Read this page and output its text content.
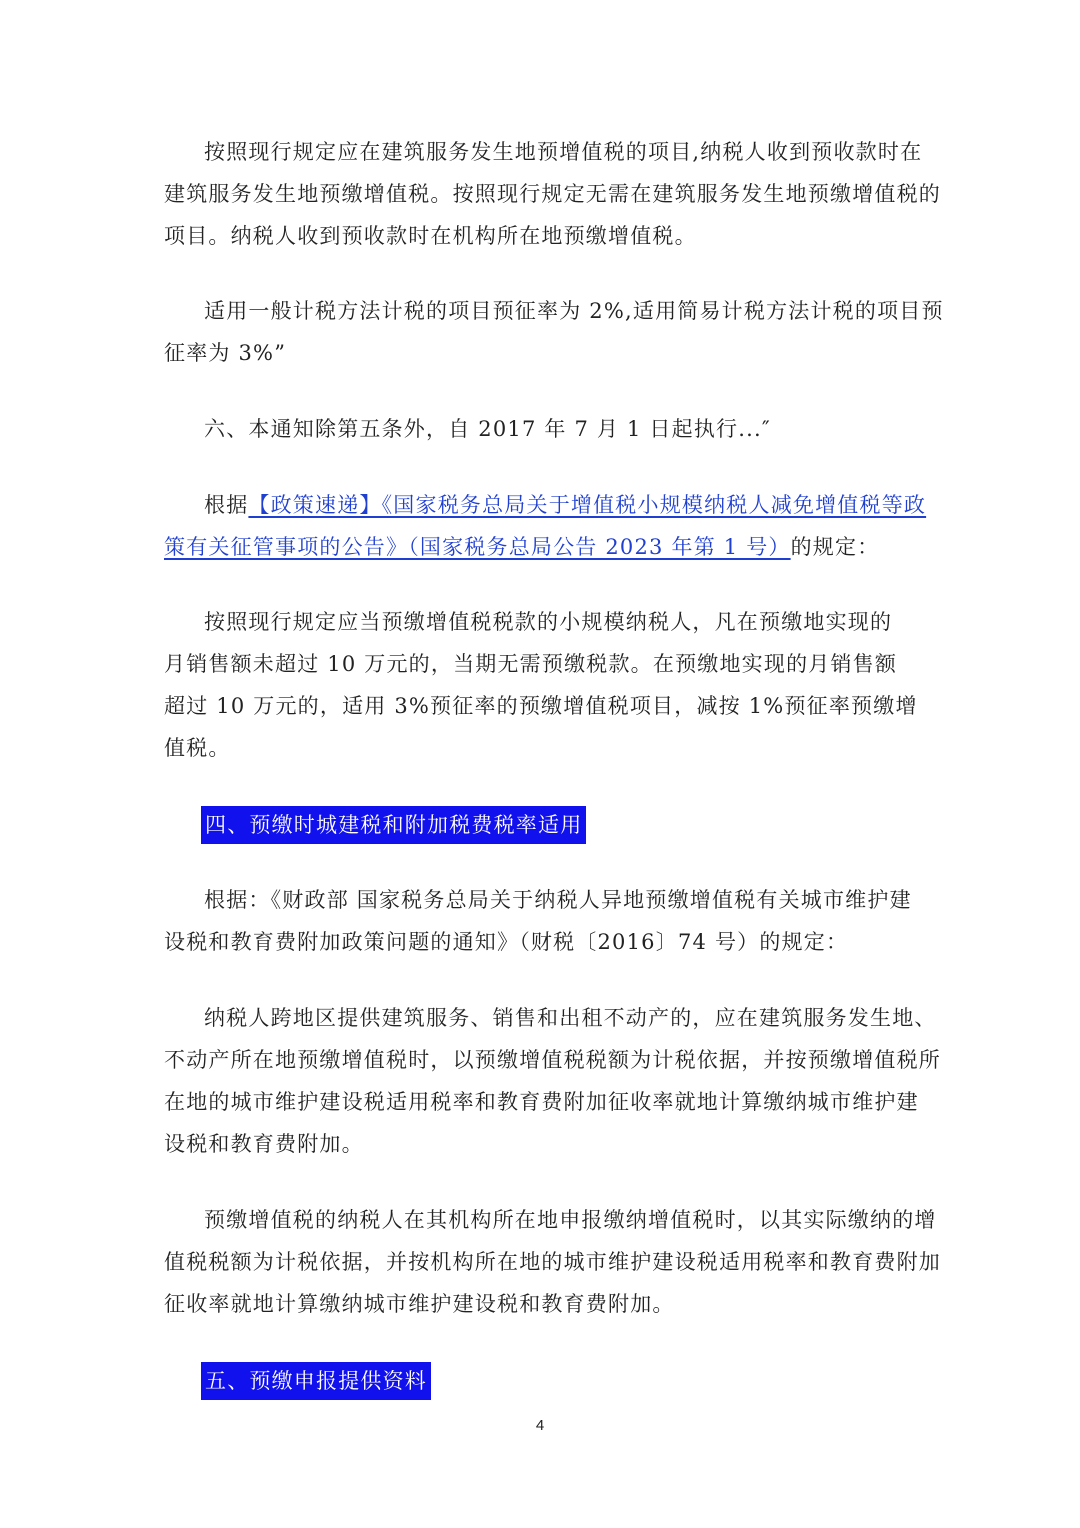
按照现行规定应在建筑服务发生地预增值税的项目,纳税人收到预收款时在
建筑服务发生地预缴增值税。按照现行规定无需在建筑服务发生地预缴增值税的
项目。纳税人收到预收款时在机构所在地预缴增值税。

适用一般计税方法计税的项目预征率为 2%,适用简易计税方法计税的项目预
征率为 3%”

六、本通知除第五条外，自 2017 年 7 月 1 日起执行...″

根据【政策速递】《国家税务总局关于增值税小规模纳税人减免增值税等政
策有关征管事项的公告》（国家税务总局公告 2023 年第 1 号）的规定：

按照现行规定应当预缴增值税税款的小规模纳税人，凡在预缴地实现的
月销售额未超过 10 万元的，当期无需预缴税款。在预缴地实现的月销售额
超过 10 万元的，适用 3%预征率的预缴增值税项目，减按 1%预征率预缴增
值税。

四、预缴时城建税和附加税费税率适用

根据：《财政部 国家税务总局关于纳税人异地预缴增值税有关城市维护建
设税和教育费附加政策问题的通知》（财税〔2016〕74 号）的规定：

纳税人跨地区提供建筑服务、销售和出租不动产的，应在建筑服务发生地、
不动产所在地预缴增值税时，以预缴增值税税额为计税依据，并按预缴增值税所
在地的城市维护建设税适用税率和教育费附加征收率就地计算缴纳城市维护建
设税和教育费附加。

预缴增值税的纳税人在其机构所在地申报缴纳增值税时，以其实际缴纳的增
值税税额为计税依据，并按机构所在地的城市维护建设税适用税率和教育费附加
征收率就地计算缴纳城市维护建设税和教育费附加。

五、预缴申报提供资料
4
